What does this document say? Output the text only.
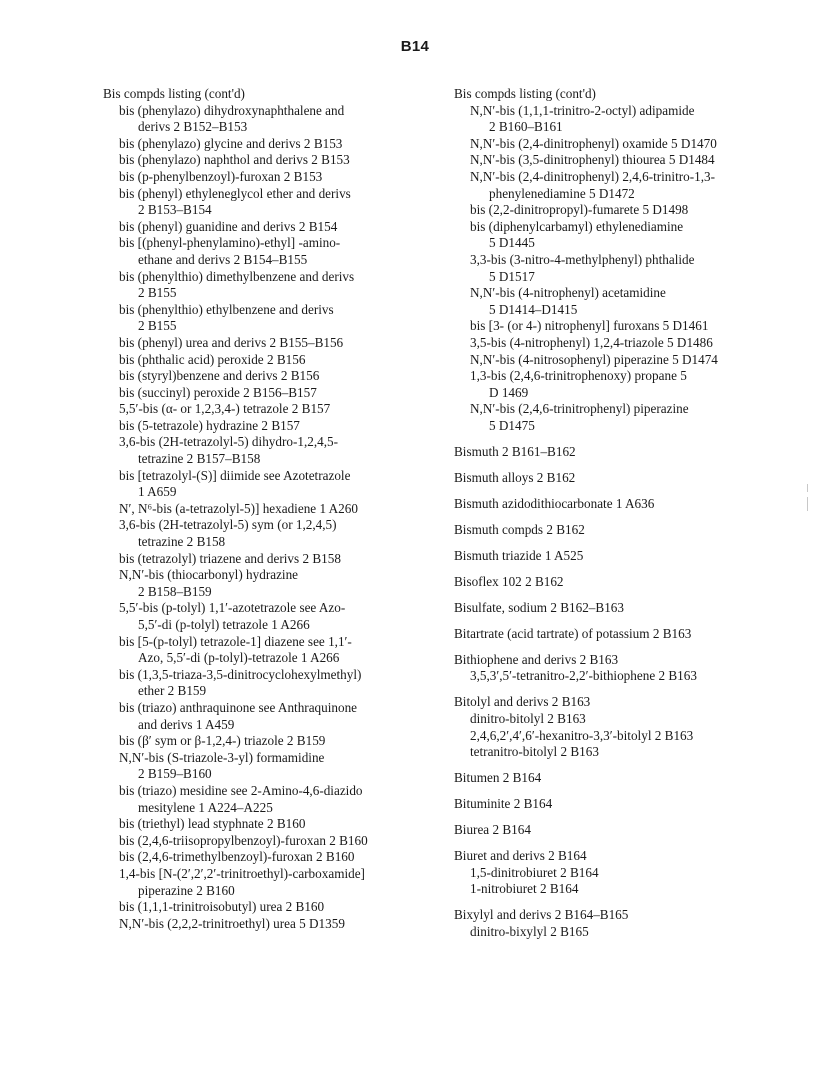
B14
Bis compds listing (cont'd)
bis (phenylazo) dihydroxynaphthalene and
derivs 2 B152–B153
bis (phenylazo) glycine and derivs 2 B153
bis (phenylazo) naphthol and derivs 2 B153
bis (p-phenylbenzoyl)-furoxan 2 B153
bis (phenyl) ethyleneglycol ether and derivs
2 B153–B154
bis (phenyl) guanidine and derivs 2 B154
bis [(phenyl-phenylamino)-ethyl] -amino-
ethane and derivs 2 B154–B155
bis (phenylthio) dimethylbenzene and derivs
2 B155
bis (phenylthio) ethylbenzene and derivs
2 B155
bis (phenyl) urea and derivs 2 B155–B156
bis (phthalic acid) peroxide 2 B156
bis (styryl)benzene and derivs 2 B156
bis (succinyl) peroxide 2 B156–B157
5,5′-bis (α- or 1,2,3,4-) tetrazole 2 B157
bis (5-tetrazole) hydrazine 2 B157
3,6-bis (2H-tetrazolyl-5) dihydro-1,2,4,5-
tetrazine 2 B157–B158
bis [tetrazolyl-(S)] diimide see Azotetrazole
1 A659
N′, N⁶-bis (a-tetrazolyl-5)] hexadiene 1 A260
3,6-bis (2H-tetrazolyl-5) sym (or 1,2,4,5)
tetrazine 2 B158
bis (tetrazolyl) triazene and derivs 2 B158
N,N′-bis (thiocarbonyl) hydrazine
2 B158–B159
5,5′-bis (p-tolyl) 1,1′-azotetrazole see Azo-
5,5′-di (p-tolyl) tetrazole 1 A266
bis [5-(p-tolyl) tetrazole-1] diazene see 1,1′-
Azo, 5,5′-di (p-tolyl)-tetrazole 1 A266
bis (1,3,5-triaza-3,5-dinitrocyclohexylmethyl)
ether 2 B159
bis (triazo) anthraquinone see Anthraquinone
and derivs 1 A459
bis (β′ sym or β-1,2,4-) triazole 2 B159
N,N′-bis (S-triazole-3-yl) formamidine
2 B159–B160
bis (triazo) mesidine see 2-Amino-4,6-diazido
mesitylene 1 A224–A225
bis (triethyl) lead styphnate 2 B160
bis (2,4,6-triisopropylbenzoyl)-furoxan 2 B160
bis (2,4,6-trimethylbenzoyl)-furoxan 2 B160
1,4-bis [N-(2′,2′,2′-trinitroethyl)-carboxamide]
piperazine 2 B160
bis (1,1,1-trinitroisobutyl) urea 2 B160
N,N′-bis (2,2,2-trinitroethyl) urea 5 D1359
Bis compds listing (cont'd)
N,N′-bis (1,1,1-trinitro-2-octyl) adipamide
2 B160–B161
N,N′-bis (2,4-dinitrophenyl) oxamide 5 D1470
N,N′-bis (3,5-dinitrophenyl) thiourea 5 D1484
N,N′-bis (2,4-dinitrophenyl) 2,4,6-trinitro-1,3-
phenylenediamine 5 D1472
bis (2,2-dinitropropyl)-fumarete 5 D1498
bis (diphenylcarbamyl) ethylenediamine
5 D1445
3,3-bis (3-nitro-4-methylphenyl) phthalide
5 D1517
N,N′-bis (4-nitrophenyl) acetamidine
5 D1414–D1415
bis [3- (or 4-) nitrophenyl] furoxans 5 D1461
3,5-bis (4-nitrophenyl) 1,2,4-triazole 5 D1486
N,N′-bis (4-nitrosophenyl) piperazine 5 D1474
1,3-bis (2,4,6-trinitrophenoxy) propane 5
D 1469
N,N′-bis (2,4,6-trinitrophenyl) piperazine
5 D1475
Bismuth 2 B161–B162
Bismuth alloys 2 B162
Bismuth azidodithiocarbonate 1 A636
Bismuth compds 2 B162
Bismuth triazide 1 A525
Bisoflex 102 2 B162
Bisulfate, sodium 2 B162–B163
Bitartrate (acid tartrate) of potassium 2 B163
Bithiophene and derivs 2 B163
3,5,3′,5′-tetranitro-2,2′-bithiophene 2 B163
Bitolyl and derivs 2 B163
dinitro-bitolyl 2 B163
2,4,6,2′,4′,6′-hexanitro-3,3′-bitolyl 2 B163
tetranitro-bitolyl 2 B163
Bitumen 2 B164
Bituminite 2 B164
Biurea 2 B164
Biuret and derivs 2 B164
1,5-dinitrobiuret 2 B164
1-nitrobiuret 2 B164
Bixylyl and derivs 2 B164–B165
dinitro-bixylyl 2 B165
